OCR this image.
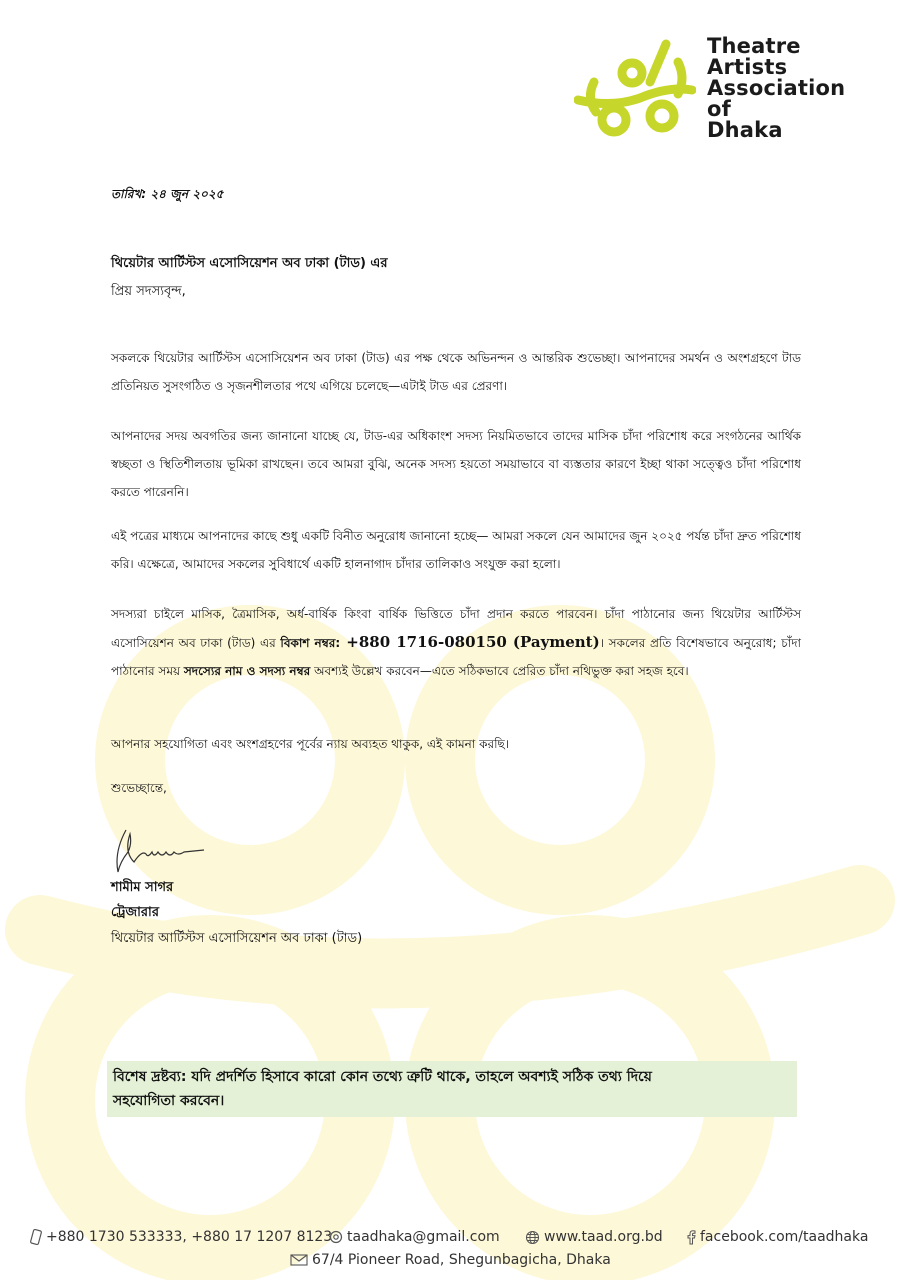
Theatre
Artists
Association
of
Dhaka
তারিখ: ২৪ জুন ২০২৫
থিয়েটার আর্টিস্টস এসোসিয়েশন অব ঢাকা (টাড) এর
প্রিয় সদস্যবৃন্দ,
সকলকে থিয়েটার আর্টিস্টস এসোসিয়েশন অব ঢাকা (টাড) এর পক্ষ থেকে অভিনন্দন ও আন্তরিক শুভেচ্ছা। আপনাদের সমর্থন ও অংশগ্রহণে টাড প্রতিনিয়ত সুসংগঠিত ও সৃজনশীলতার পথে এগিয়ে চলেছে—এটাই টাড এর প্রেরণা।
আপনাদের সদয় অবগতির জন্য জানানো যাচ্ছে যে, টাড-এর অধিকাংশ সদস্য নিয়মিতভাবে তাদের মাসিক চাঁদা পরিশোধ করে সংগঠনের আর্থিক স্বচ্ছতা ও স্থিতিশীলতায় ভূমিকা রাখছেন। তবে আমরা বুঝি, অনেক সদস্য হয়তো সময়াভাবে বা ব্যস্ততার কারণে ইচ্ছা থাকা সত্ত্বেও চাঁদা পরিশোধ করতে পারেননি।
এই পত্রের মাধ্যমে আপনাদের কাছে শুধু একটি বিনীত অনুরোধ জানানো হচ্ছে— আমরা সকলে যেন আমাদের জুন ২০২৫ পর্যন্ত চাঁদা দ্রুত পরিশোধ করি। এক্ষেত্রে, আমাদের সকলের সুবিধার্থে একটি হালনাগাদ চাঁদার তালিকাও সংযুক্ত করা হলো।
সদস্যরা চাইলে মাসিক, ত্রৈমাসিক, অর্ধ-বার্ষিক কিংবা বার্ষিক ভিত্তিতে চাঁদা প্রদান করতে পারবেন। চাঁদা পাঠানোর জন্য থিয়েটার আর্টিস্টস এসোসিয়েশন অব ঢাকা (টাড) এর বিকাশ নম্বর: +880 1716-080150 (Payment)। সকলের প্রতি বিশেষভাবে অনুরোধ; চাঁদা পাঠানোর সময় সদস্যের নাম ও সদস্য নম্বর অবশ্যই উল্লেখ করবেন—এতে সঠিকভাবে প্রেরিত চাঁদা নথিভুক্ত করা সহজ হবে।
আপনার সহযোগিতা এবং অংশগ্রহণের পূর্বের ন্যায় অব্যহত থাকুক, এই কামনা করছি।
শুভেচ্ছান্তে,
শামীম সাগর
ট্রেজারার
থিয়েটার আর্টিস্টস এসোসিয়েশন অব ঢাকা (টাড)
বিশেষ দ্রষ্টব্য: যদি প্রদর্শিত হিসাবে কারো কোন তথ্যে ত্রুটি থাকে, তাহলে অবশ্যই সঠিক তথ্য দিয়ে
সহযোগিতা করবেন।
+880 1730 533333, +880 17 1207 8123 taadhaka@gmail.com	www.taad.org.bd	facebook.com/taadhaka
67/4 Pioneer Road, Shegunbagicha, Dhaka
